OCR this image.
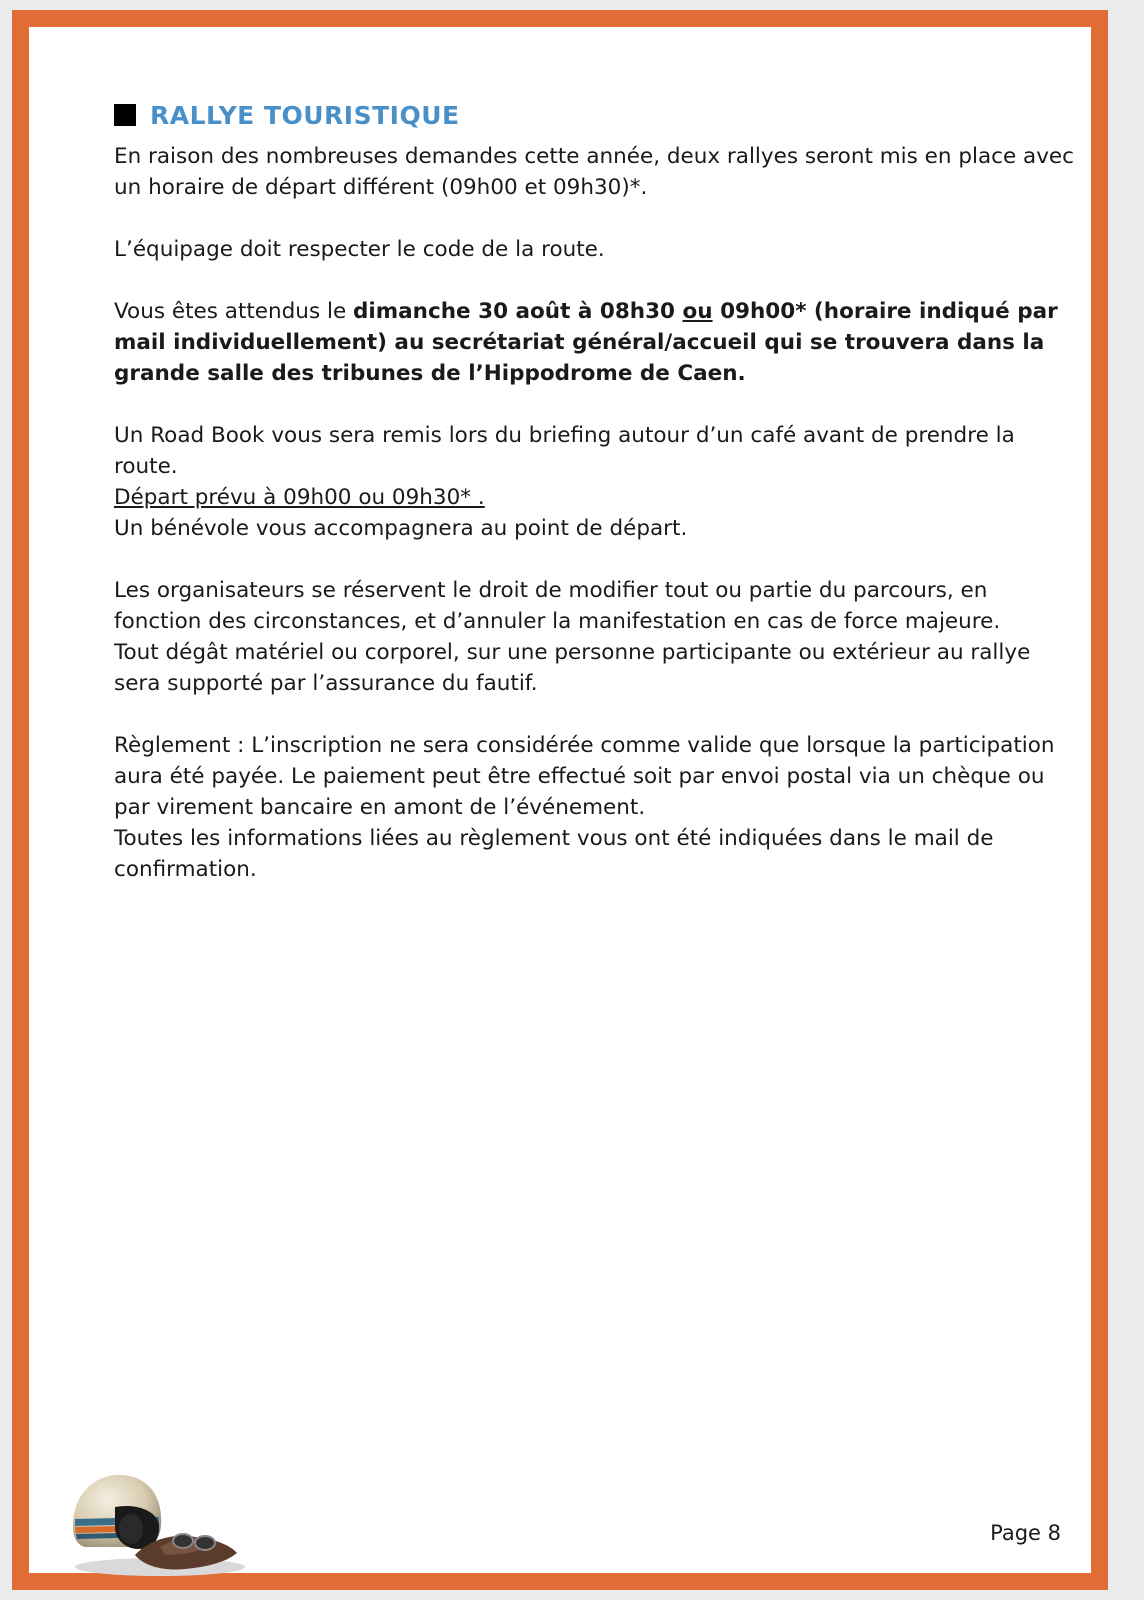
RALLYE TOURISTIQUE

En raison des nombreuses demandes cette année, deux rallyes seront mis en place avec un horaire de départ différent (09h00 et 09h30)*.

L’équipage doit respecter le code de la route.

Vous êtes attendus le dimanche 30 août à 08h30 ou 09h00* (horaire indiqué par mail individuellement) au secrétariat général/accueil qui se trouvera dans la grande salle des tribunes de l’Hippodrome de Caen.

Un Road Book vous sera remis lors du briefing autour d’un café avant de prendre la route.
Départ prévu à 09h00 ou 09h30* .
Un bénévole vous accompagnera au point de départ.

Les organisateurs se réservent le droit de modifier tout ou partie du parcours, en fonction des circonstances, et d’annuler la manifestation en cas de force majeure.
Tout dégât matériel ou corporel, sur une personne participante ou extérieur au rallye sera supporté par l’assurance du fautif.

Règlement : L’inscription ne sera considérée comme valide que lorsque la participation aura été payée. Le paiement peut être effectué soit par envoi postal via un chèque ou par virement bancaire en amont de l’événement.
Toutes les informations liées au règlement vous ont été indiquées dans le mail de confirmation.

Page 8
